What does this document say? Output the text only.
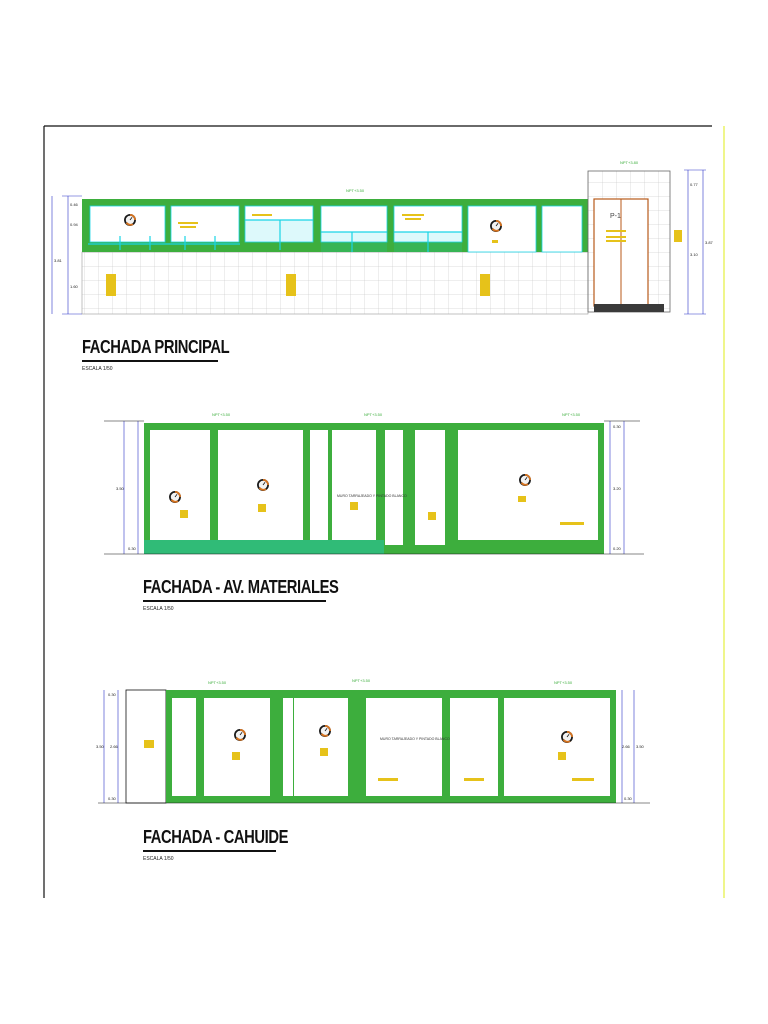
P-1
0.46
0.94
3.81
1.60
0.77
3.87
3.10
NPT+3.50
NPT+3.80
MURO TARRAJEADO Y PINTADO BLANCO
3.50
0.30
0.30
3.20
0.20
NPT+3.50	NPT+3.50	NPT+3.50
MURO TARRAJEADO Y PINTADO BLANCO
0.30
3.50 2.66
0.30
2.66 3.50
0.30
NPT+3.50	NPT+3.50	NPT+3.50
FACHADA PRINCIPAL
ESCALA 1/50
FACHADA - AV. MATERIALES
ESCALA 1/50
FACHADA - CAHUIDE
ESCALA 1/50
